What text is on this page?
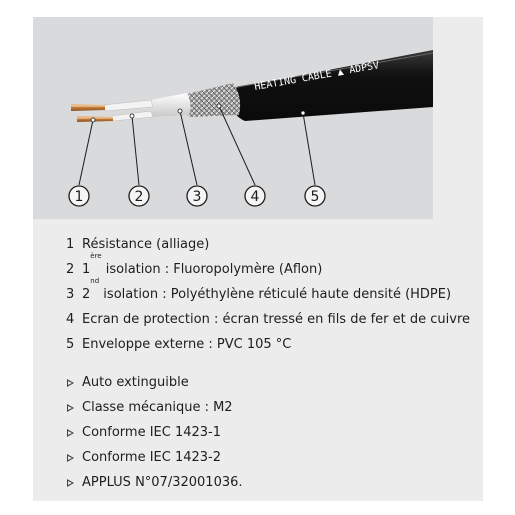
HEATING CABLE ▲ ADPSV
1	2	3	4	5
1 Résistance (alliage)
2 1
$^{ère}$
isolation : Fluoropolymère (Aflon)
3 2
$^{nd}$
isolation : Polyéthylène réticulé haute densité (HDPE)
4 Ecran de protection : écran tressé en fils de fer et de cuivre
5 Enveloppe externe : PVC 105 °C
Auto extinguible
Classe mécanique : M2
Conforme IEC 1423-1
Conforme IEC 1423-2
APPLUS N°07/32001036.
